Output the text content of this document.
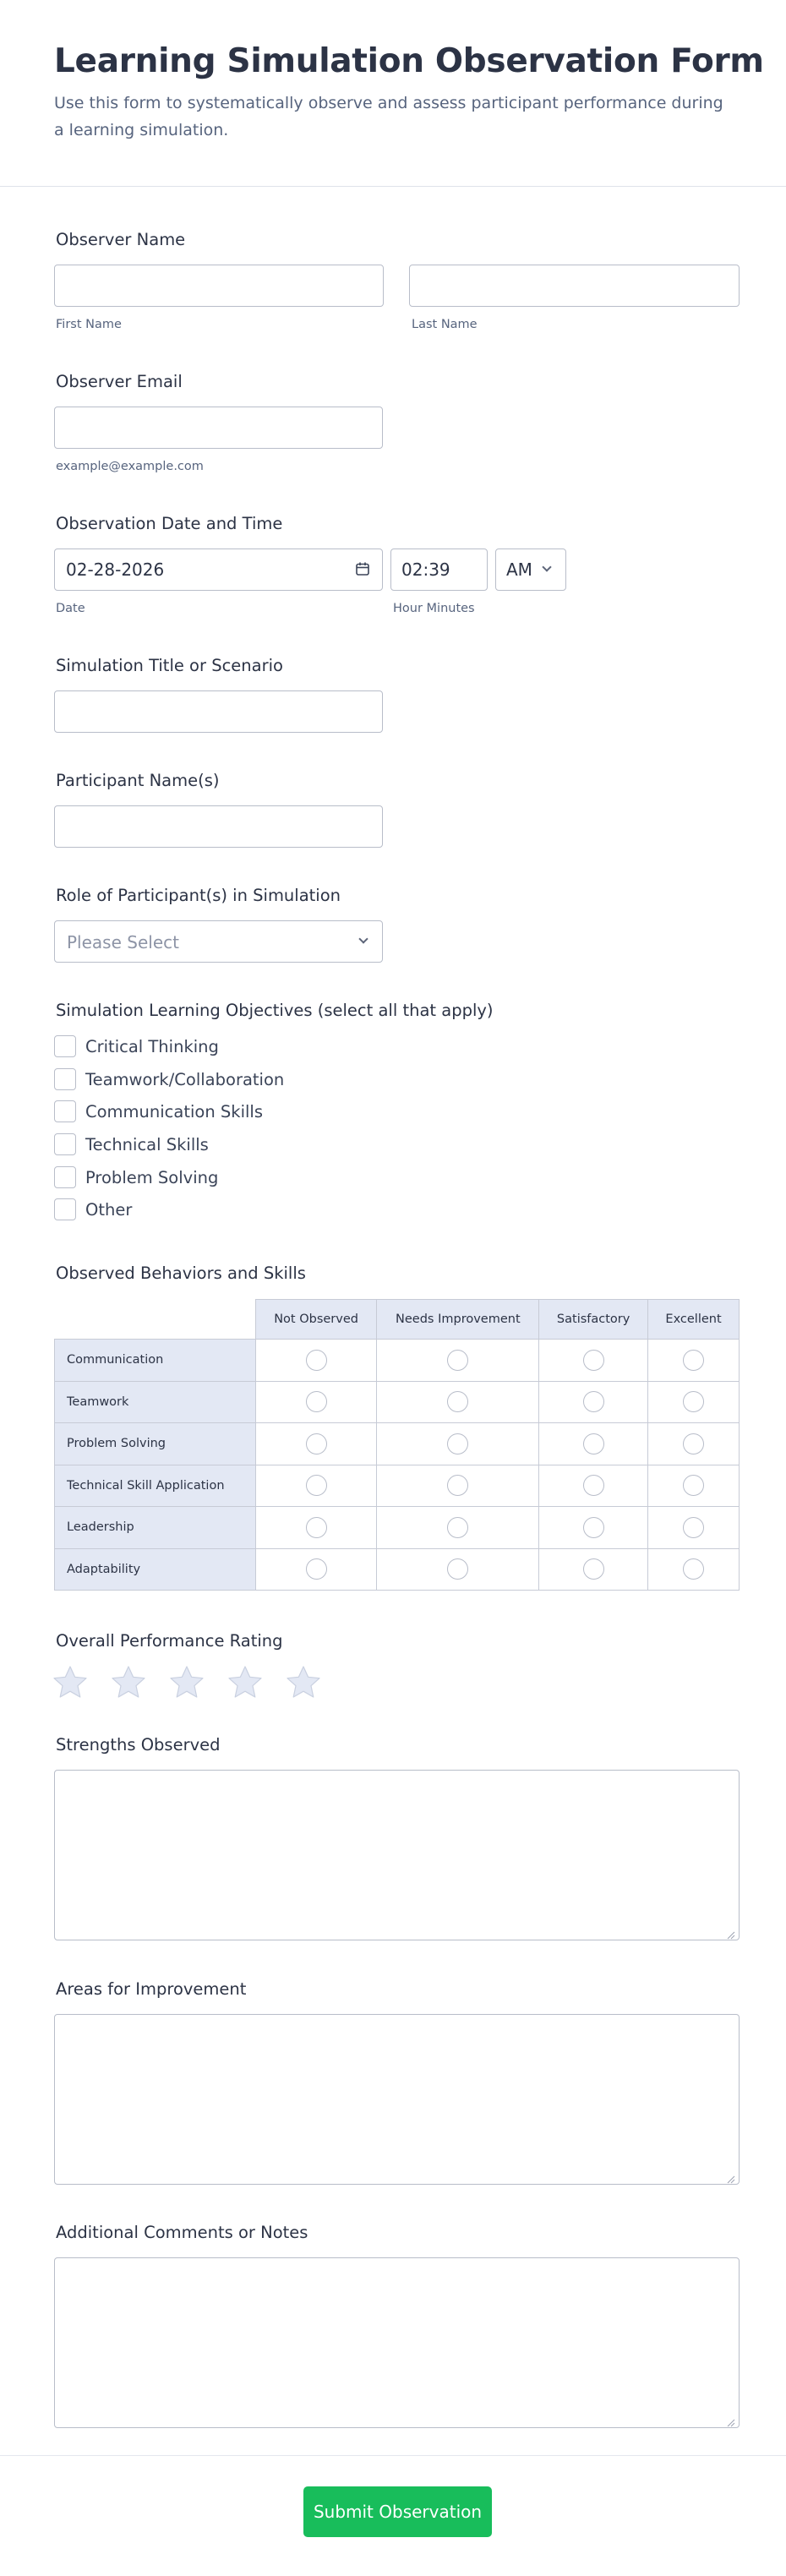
Learning Simulation Observation Form

Use this form to systematically observe and assess participant performance during a learning simulation.

Observer Name
First Name	Last Name
Observer Email
example@example.com
Observation Date and Time
02-28-2026
Date
02:39
Hour Minutes
AM
Simulation Title or Scenario
Participant Name(s)
Role of Participant(s) in Simulation
Please Select
Simulation Learning Objectives (select all that apply)
Critical Thinking
Teamwork/Collaboration
Communication Skills
Technical Skills
Problem Solving
Other
Observed Behaviors and Skills
	Not Observed	Needs Improvement	Satisfactory	Excellent
Communication				
Teamwork				
Problem Solving				
Technical Skill Application				
Leadership				
Adaptability				
Overall Performance Rating
Strengths Observed
Areas for Improvement
Additional Comments or Notes
Submit Observation
